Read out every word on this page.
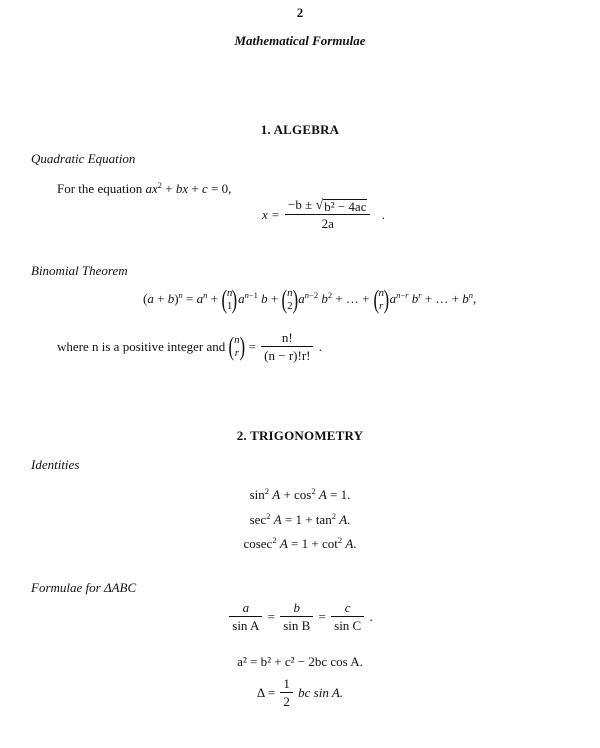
2
Mathematical Formulae
1. ALGEBRA
Quadratic Equation
For the equation $ax^2$ + bx + c = 0,
$x = \frac{\text{−b ± √ b² − 4ac}}{2a}$ .
Binomial Theorem
$(a + b)^n = a^n$ + ( n
1 ) $a^{n-1}$ b + ( n
2 ) $a^{n-2}$ $b^2$ + … + ( n
r ) $a^{n-r}$ $b^r$ + … + $b^n$,
where n is a positive integer and ( n
r ) = $\frac{n!}{(n - r)!r!}$ .
2. TRIGONOMETRY
Identities
$\sin^2 A + \cos^2 A = 1$.
$\sec^2 A = 1 + \tan^2 A$.
cosec$^2$ $A = 1 + \cot^2 A$.
Formulae for ΔABC
$\frac{a}{\text{sin A}} = \frac{b}{\text{sin B}} = \frac{c}{\text{sin C}}$ .
a² = b² + c² − 2bc cos A.
$\Delta = \frac{1}{2}$ bc sin A.
